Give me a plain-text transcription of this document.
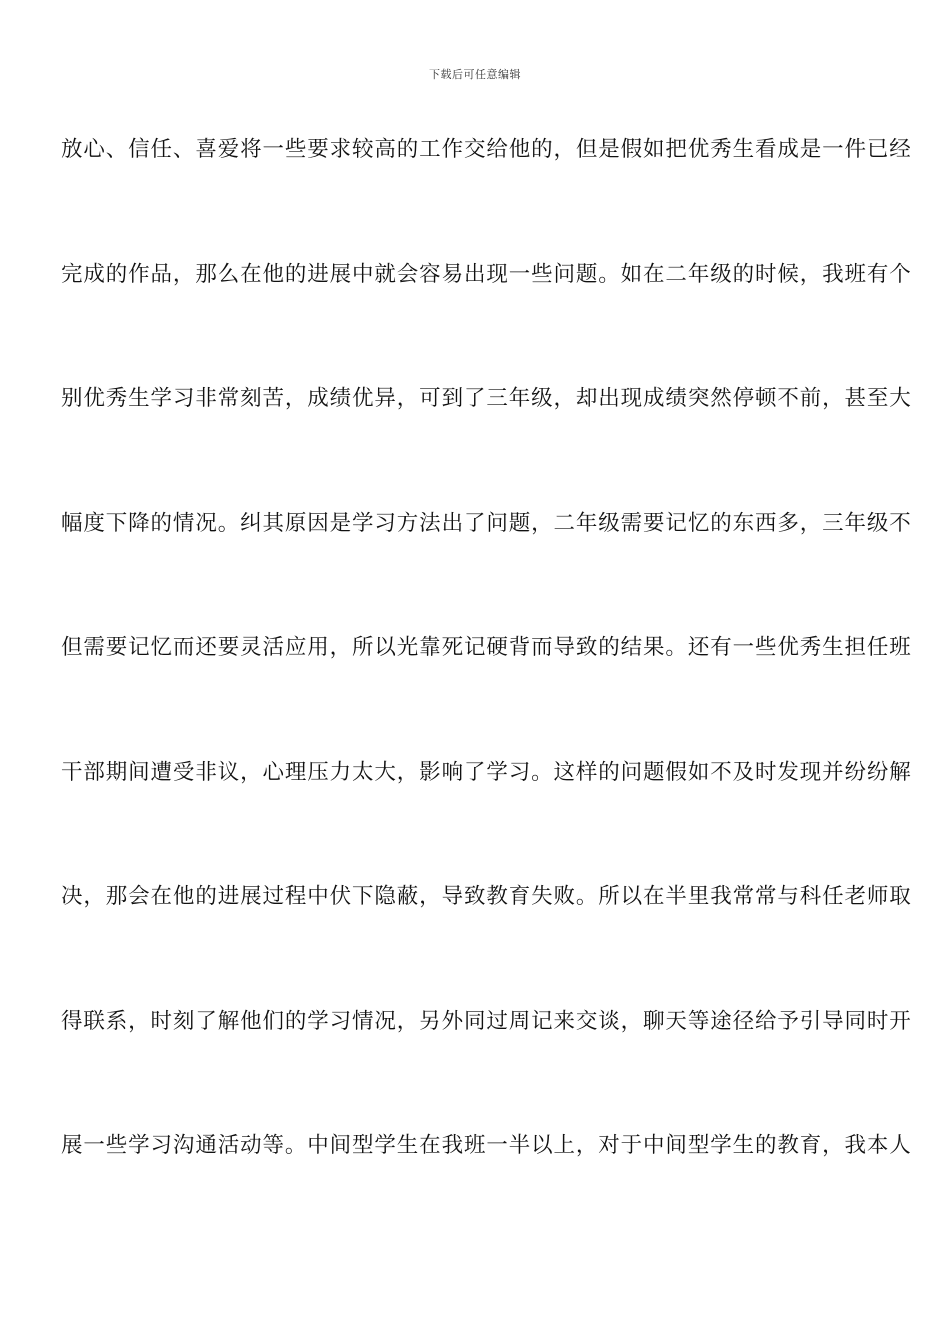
下载后可任意编辑
放心、信任、喜爱将一些要求较高的工作交给他的，但是假如把优秀生看成是一件已经
完成的作品，那么在他的进展中就会容易出现一些问题。如在二年级的时候，我班有个
别优秀生学习非常刻苦，成绩优异，可到了三年级，却出现成绩突然停顿不前，甚至大
幅度下降的情况。纠其原因是学习方法出了问题，二年级需要记忆的东西多，三年级不
但需要记忆而还要灵活应用，所以光靠死记硬背而导致的结果。还有一些优秀生担任班
干部期间遭受非议，心理压力太大，影响了学习。这样的问题假如不及时发现并纷纷解
决，那会在他的进展过程中伏下隐蔽，导致教育失败。所以在半里我常常与科任老师取
得联系，时刻了解他们的学习情况，另外同过周记来交谈，聊天等途径给予引导同时开
展一些学习沟通活动等。中间型学生在我班一半以上，对于中间型学生的教育，我本人
